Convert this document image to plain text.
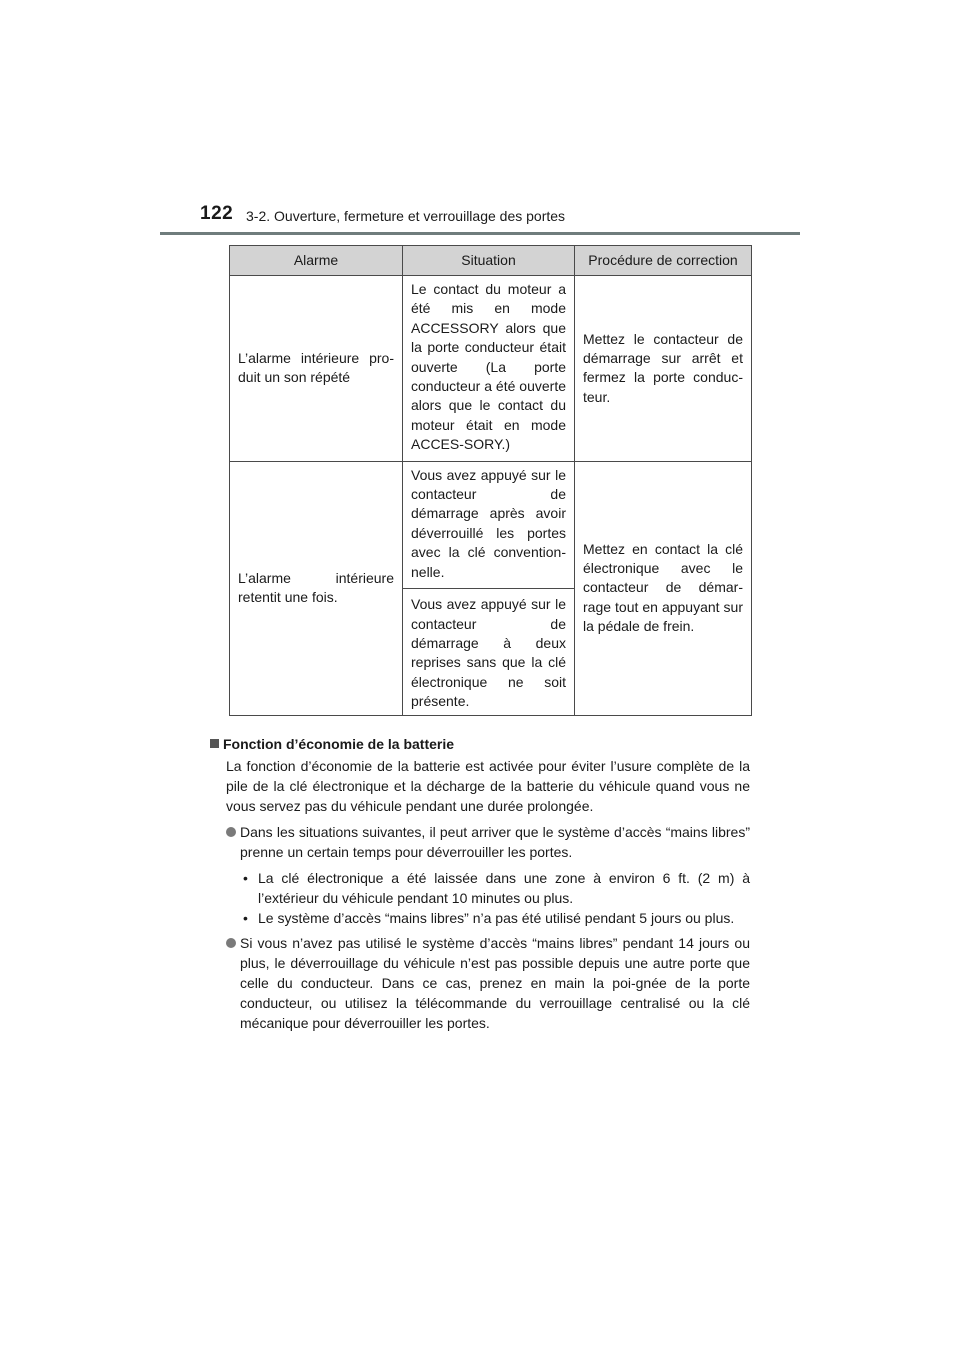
122 3-2. Ouverture, fermeture et verrouillage des portes
Alarme	Situation	Procédure de correction
L’alarme intérieure pro-duit un son répété	Le contact du moteur a été mis en mode ACCESSORY alors que la porte conducteur était ouverte (La porte conducteur a été ouverte alors que le contact du moteur était en mode ACCES-SORY.)	Mettez le contacteur de démarrage sur arrêt et fermez la porte conduc-teur.
L’alarme intérieure retentit une fois.	Vous avez appuyé sur le contacteur de démarrage après avoir déverrouillé les portes avec la clé convention-nelle.	Mettez en contact la clé électronique avec le contacteur de démar-rage tout en appuyant sur la pédale de frein.
	Vous avez appuyé sur le contacteur de démarrage à deux reprises sans que la clé électronique ne soit présente.	

Fonction d’économie de la batterie

La fonction d’économie de la batterie est activée pour éviter l’usure complète de la pile de la clé électronique et la décharge de la batterie du véhicule quand vous ne vous servez pas du véhicule pendant une durée prolongée.

Dans les situations suivantes, il peut arriver que le système d’accès “mains libres” prenne un certain temps pour déverrouiller les portes.
• La clé électronique a été laissée dans une zone à environ 6 ft. (2 m) à l’extérieur du véhicule pendant 10 minutes ou plus.
• Le système d’accès “mains libres” n’a pas été utilisé pendant 5 jours ou plus.
Si vous n’avez pas utilisé le système d’accès “mains libres” pendant 14 jours ou plus, le déverrouillage du véhicule n’est pas possible depuis une autre porte que celle du conducteur. Dans ce cas, prenez en main la poi-gnée de la porte conducteur, ou utilisez la télécommande du verrouillage centralisé ou la clé mécanique pour déverrouiller les portes.
